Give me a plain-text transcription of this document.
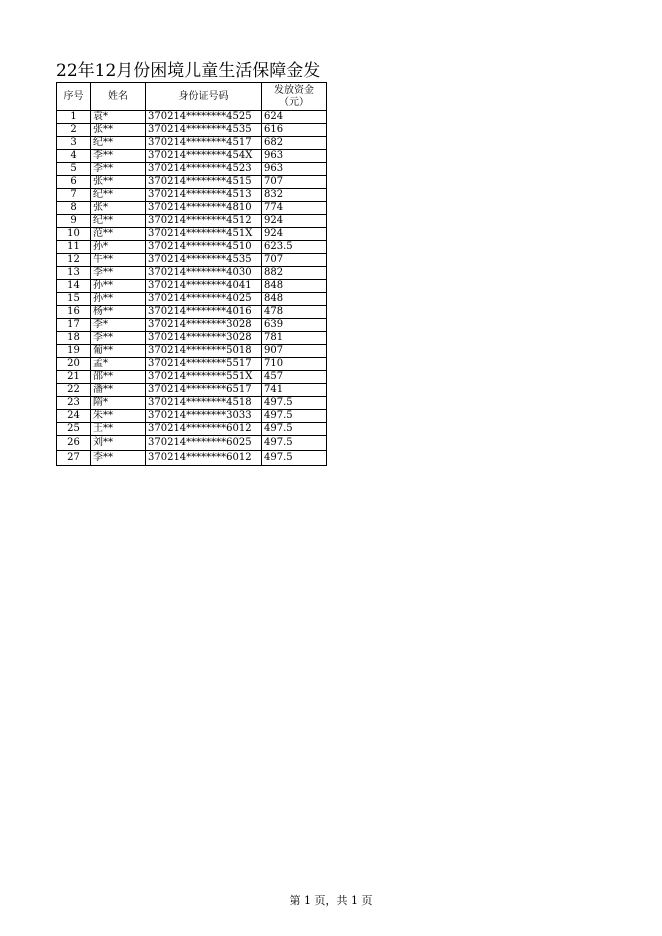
22年12月份困境儿童生活保障金发
序号	姓名	身份证号码	发放资金（元）
1	袁*	370214********4525	624
2	张**	370214********4535	616
3	纪**	370214********4517	682
4	李**	370214********454X	963
5	李**	370214********4523	963
6	张**	370214********4515	707
7	纪**	370214********4513	832
8	张*	370214********4810	774
9	纪**	370214********4512	924
10	范**	370214********451X	924
11	孙*	370214********4510	623.5
12	牛**	370214********4535	707
13	李**	370214********4030	882
14	孙**	370214********4041	848
15	孙**	370214********4025	848
16	杨**	370214********4016	478
17	李*	370214********3028	639
18	李**	370214********3028	781
19	葡**	370214********5018	907
20	孟*	370214********5517	710
21	邵**	370214********551X	457
22	潘**	370214********6517	741
23	隋*	370214********4518	497.5
24	朱**	370214********3033	497.5
25	王**	370214********6012	497.5
26	刘**	370214********6025	497.5
27	李**	370214********6012	497.5
第 1 页，共 1 页
